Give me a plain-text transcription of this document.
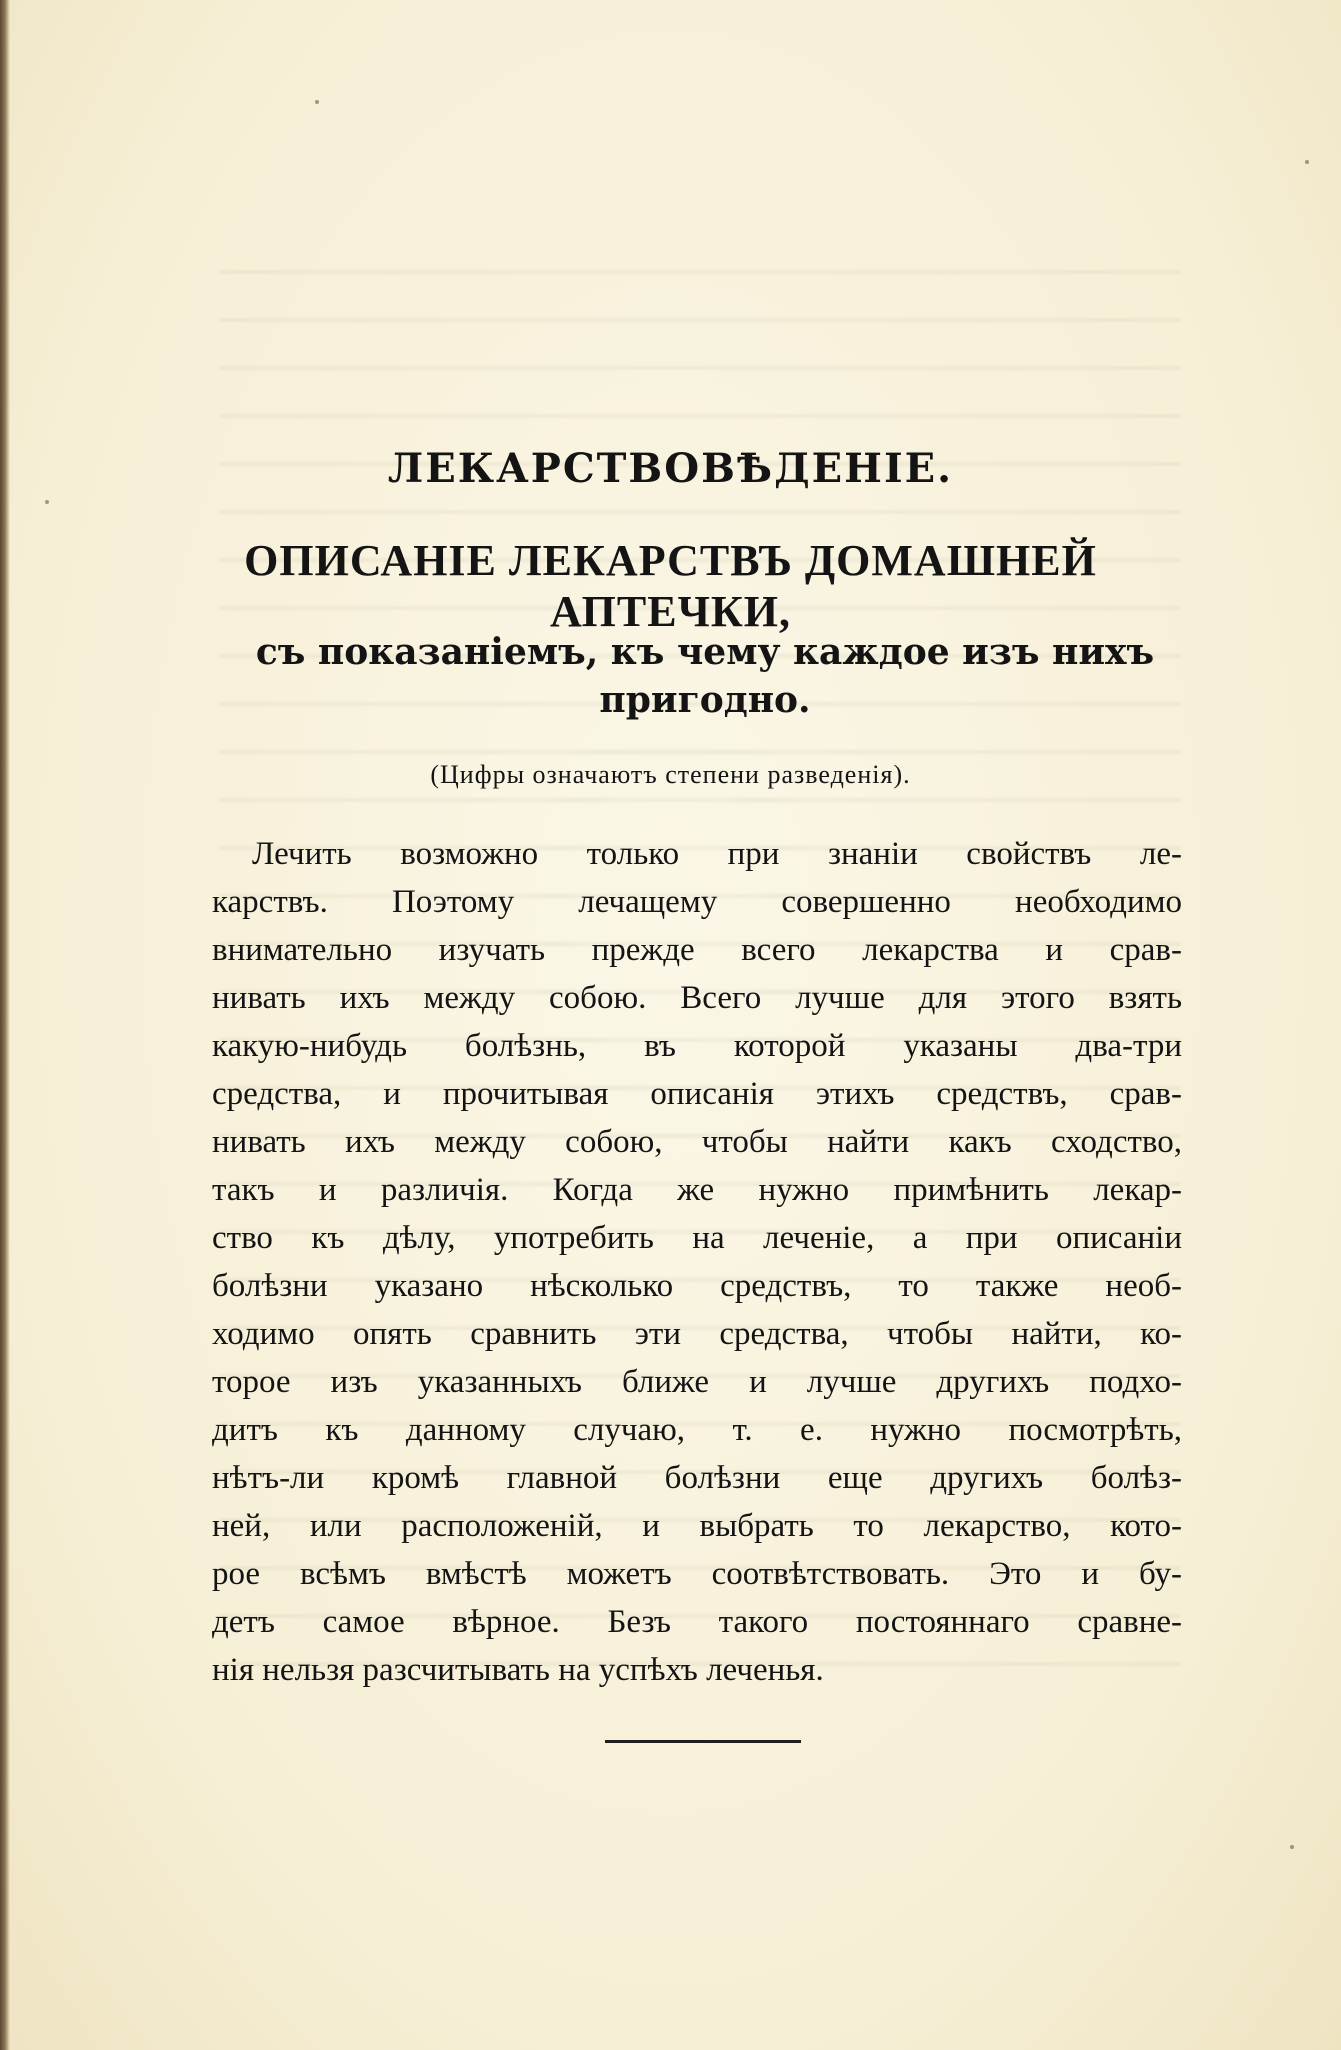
ЛЕКАРСТВОВѢДЕНІЕ.
ОПИСАНІЕ ЛЕКАРСТВЪ ДОМАШНЕЙ АПТЕЧКИ,
съ показаніемъ, къ чему каждое изъ нихъ
пригодно.

(Цифры означаютъ степени разведенія).

Лечить возможно только при знаніи свойствъ ле-
карствъ. Поэтому лечащему совершенно необходимо
внимательно изучать прежде всего лекарства и срав-
нивать ихъ между собою. Всего лучше для этого взять
какую-нибудь болѣзнь, въ которой указаны два-три
средства, и прочитывая описанія этихъ средствъ, срав-
нивать ихъ между собою, чтобы найти какъ сходство,
такъ и различія. Когда же нужно примѣнить лекар-
ство къ дѣлу, употребить на леченіе, а при описаніи
болѣзни указано нѣсколько средствъ, то также необ-
ходимо опять сравнить эти средства, чтобы найти, ко-
торое изъ указанныхъ ближе и лучше другихъ подхо-
дитъ къ данному случаю, т. е. нужно посмотрѣть,
нѣтъ-ли кромѣ главной болѣзни еще другихъ болѣз-
ней, или расположеній, и выбрать то лекарство, кото-
рое всѣмъ вмѣстѣ можетъ соотвѣтствовать. Это и бу-
детъ самое вѣрное. Безъ такого постояннаго сравне-
нія нельзя разсчитывать на успѣхъ леченья.
